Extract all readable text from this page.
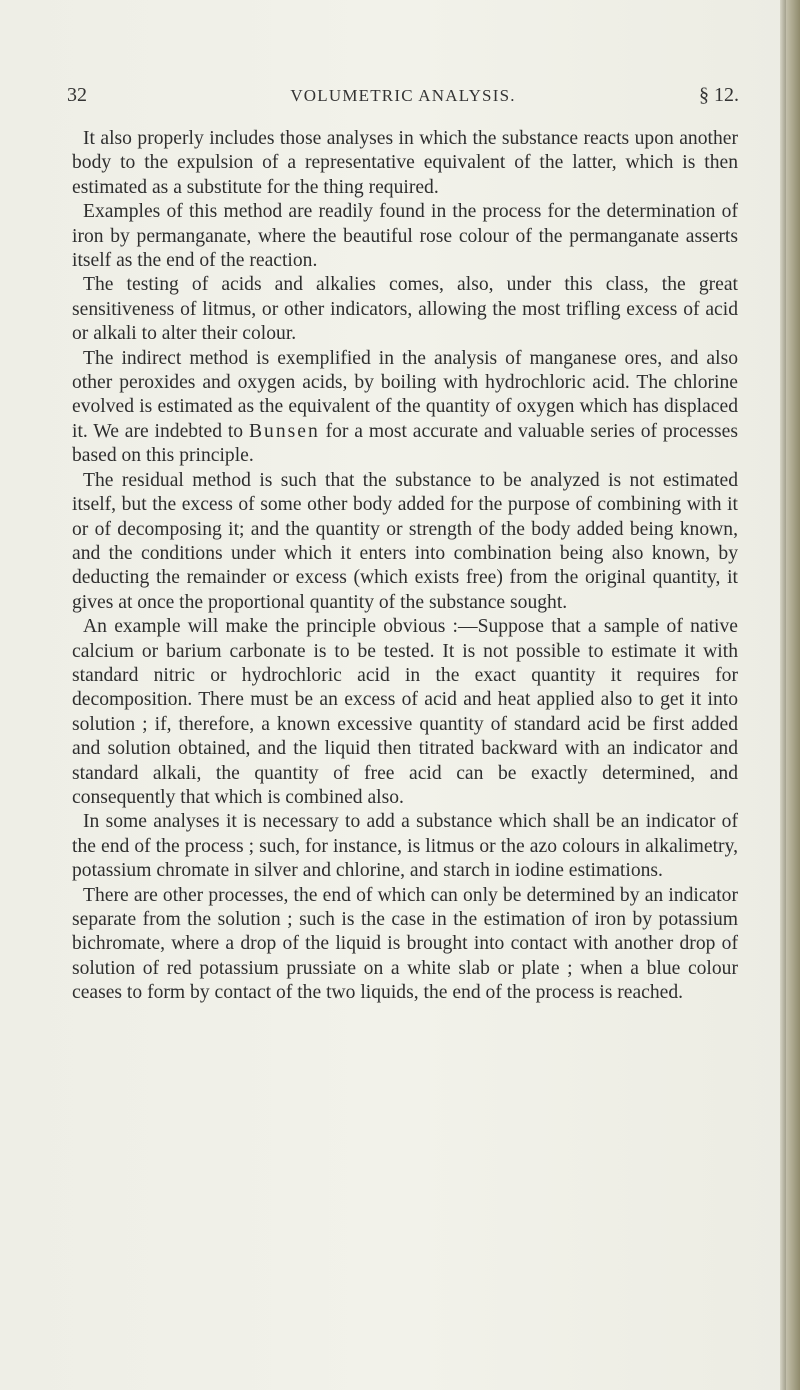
32	VOLUMETRIC ANALYSIS.	§ 12.

It also properly includes those analyses in which the substance reacts upon another body to the expulsion of a representative equivalent of the latter, which is then estimated as a substitute for the thing required.

Examples of this method are readily found in the process for the determination of iron by permanganate, where the beautiful rose colour of the permanganate asserts itself as the end of the reaction.

The testing of acids and alkalies comes, also, under this class, the great sensitiveness of litmus, or other indicators, allowing the most trifling excess of acid or alkali to alter their colour.

The indirect method is exemplified in the analysis of manganese ores, and also other peroxides and oxygen acids, by boiling with hydrochloric acid. The chlorine evolved is estimated as the equivalent of the quantity of oxygen which has displaced it. We are indebted to Bunsen for a most accurate and valuable series of processes based on this principle.

The residual method is such that the substance to be analyzed is not estimated itself, but the excess of some other body added for the purpose of combining with it or of decomposing it; and the quantity or strength of the body added being known, and the conditions under which it enters into combination being also known, by deducting the remainder or excess (which exists free) from the original quantity, it gives at once the proportional quantity of the substance sought.

An example will make the principle obvious :—Suppose that a sample of native calcium or barium carbonate is to be tested. It is not possible to estimate it with standard nitric or hydrochloric acid in the exact quantity it requires for decomposition. There must be an excess of acid and heat applied also to get it into solution ; if, therefore, a known excessive quantity of standard acid be first added and solution obtained, and the liquid then titrated backward with an indicator and standard alkali, the quantity of free acid can be exactly determined, and consequently that which is combined also.

In some analyses it is necessary to add a substance which shall be an indicator of the end of the process ; such, for instance, is litmus or the azo colours in alkalimetry, potassium chromate in silver and chlorine, and starch in iodine estimations.

There are other processes, the end of which can only be determined by an indicator separate from the solution ; such is the case in the estimation of iron by potassium bichromate, where a drop of the liquid is brought into contact with another drop of solution of red potassium prussiate on a white slab or plate ; when a blue colour ceases to form by contact of the two liquids, the end of the process is reached.
